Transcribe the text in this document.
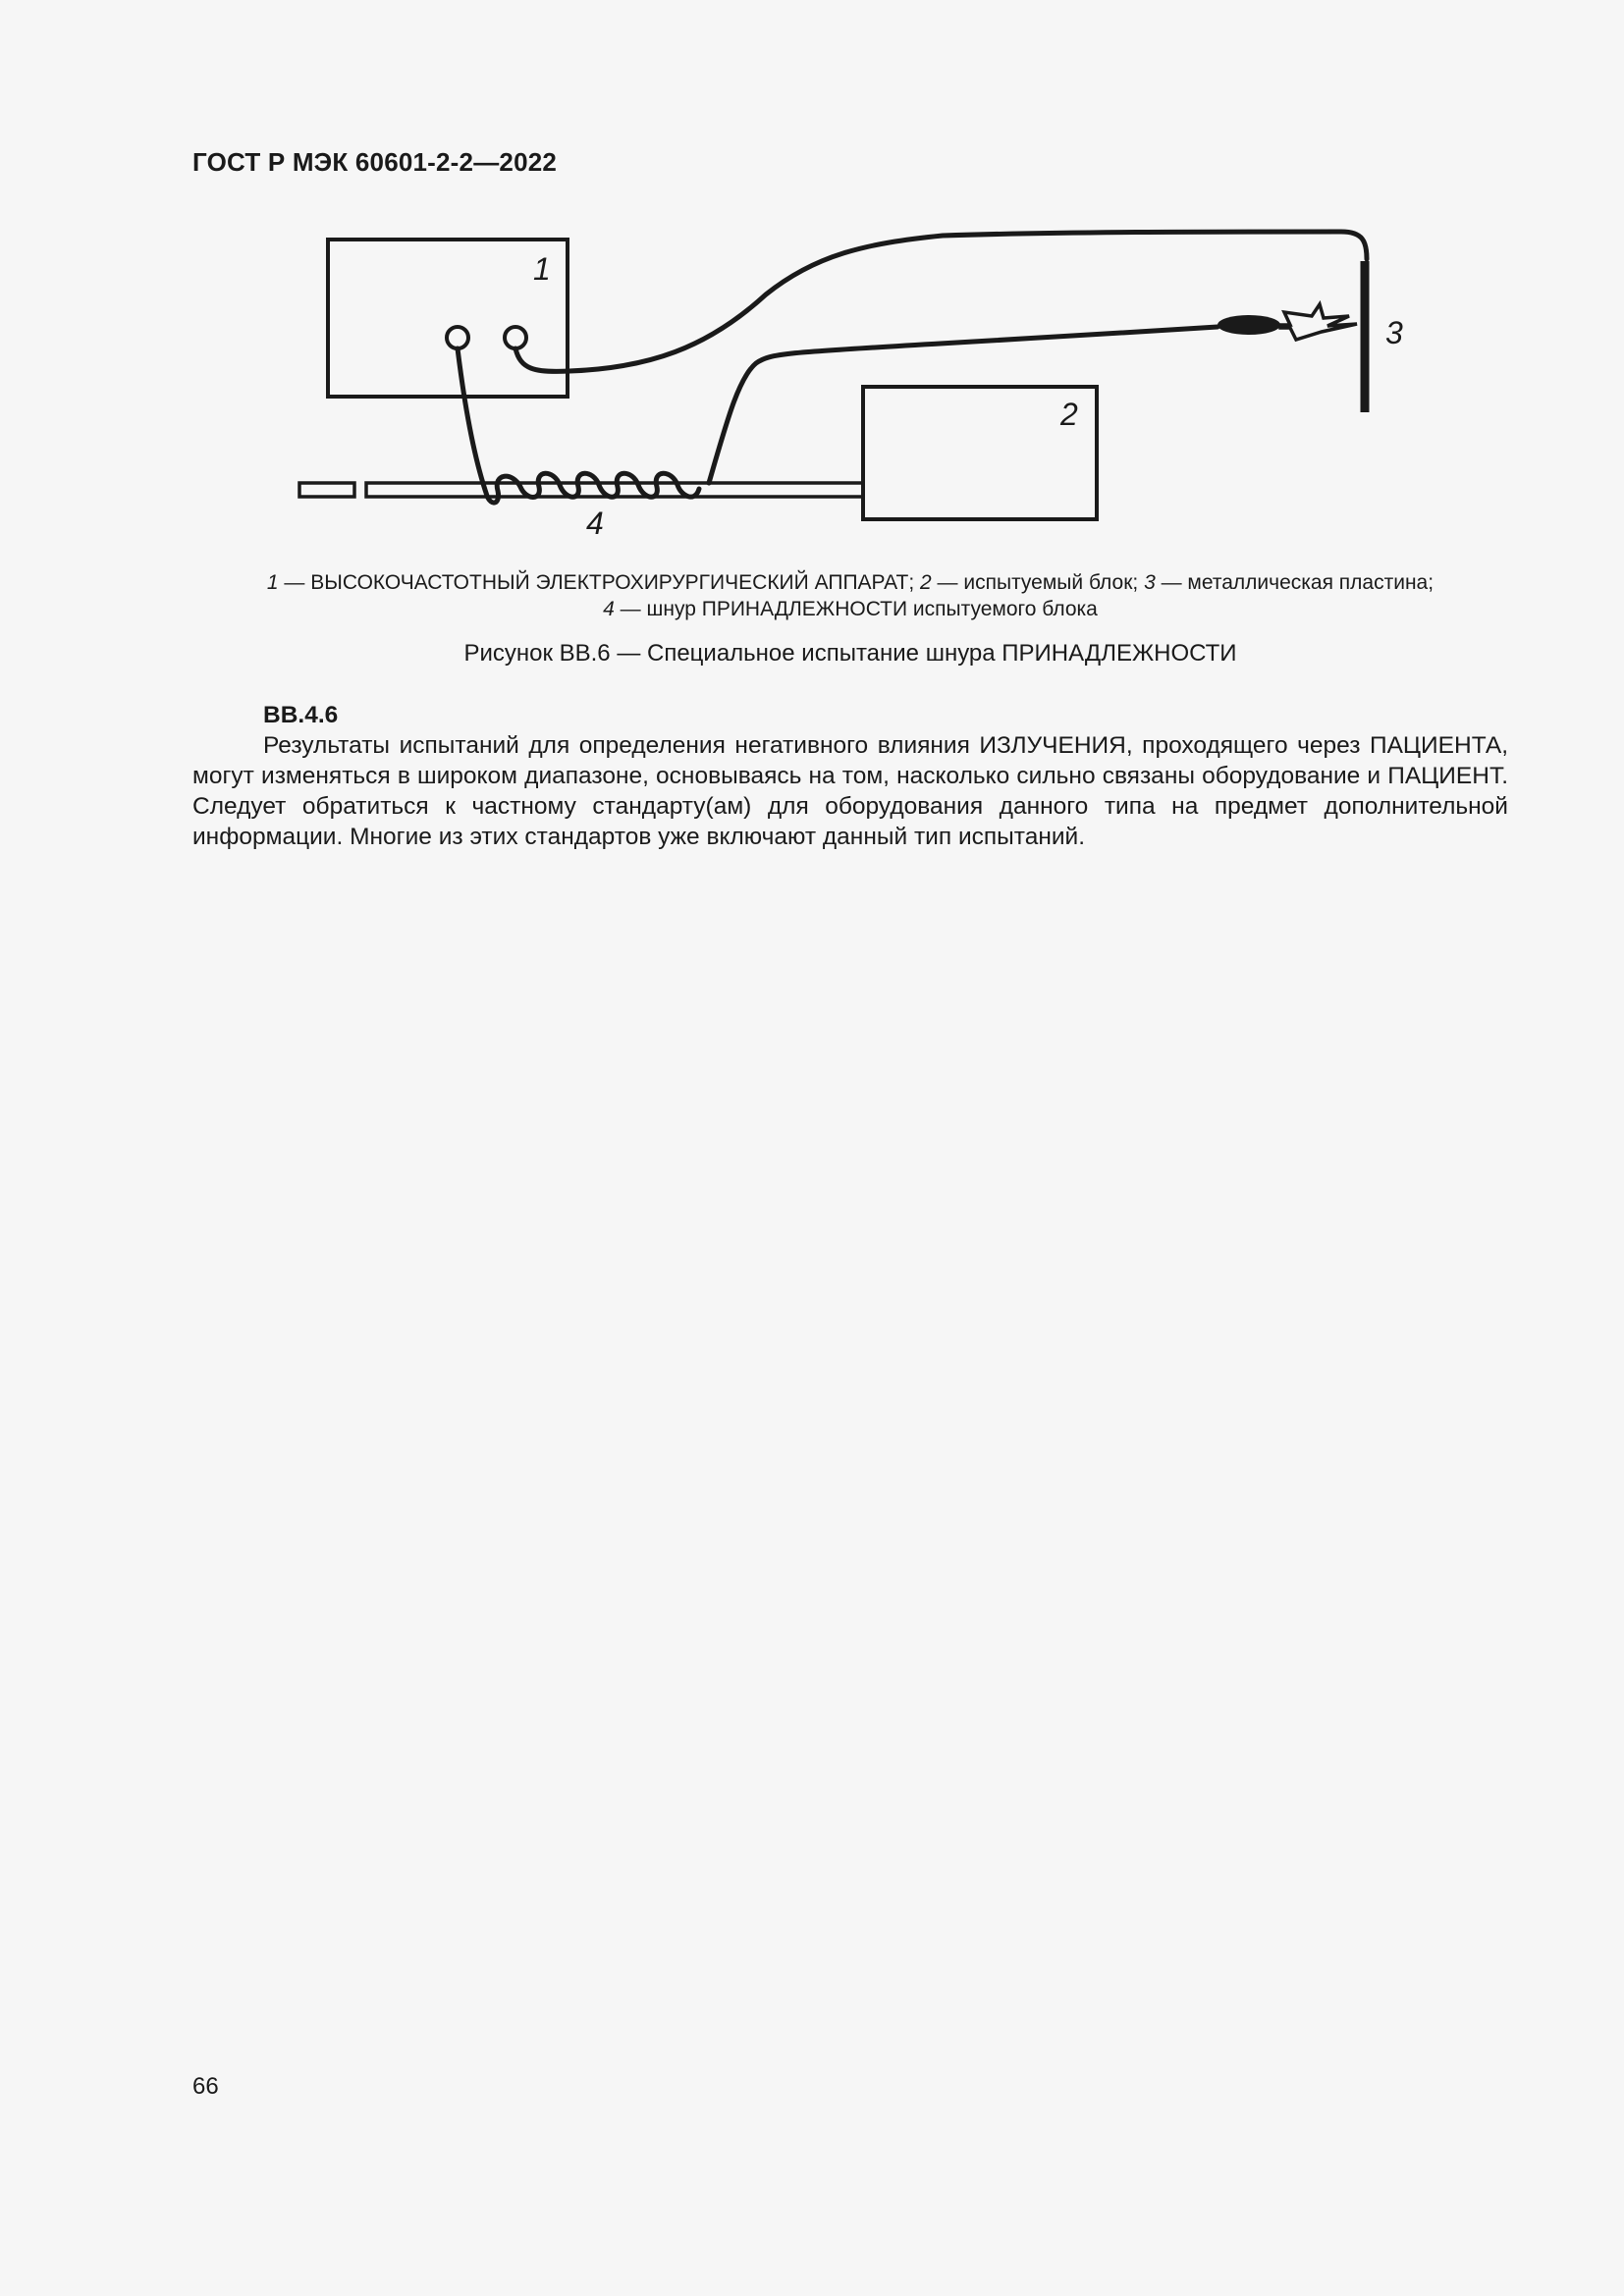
ГОСТ Р МЭК 60601-2-2—2022
1
2
3
4
1 — ВЫСОКОЧАСТОТНЫЙ ЭЛЕКТРОХИРУРГИЧЕСКИЙ АППАРАТ; 2 — испытуемый блок; 3 — металлическая пластина;
4 — шнур ПРИНАДЛЕЖНОСТИ испытуемого блока
Рисунок ВВ.6 — Специальное испытание шнура ПРИНАДЛЕЖНОСТИ
ВВ.4.6
Результаты испытаний для определения негативного влияния ИЗЛУЧЕНИЯ, проходящего через ПАЦИЕНТА, могут изменяться в широком диапазоне, основываясь на том, насколько сильно связаны оборудование и ПАЦИЕНТ. Следует обратиться к частному стандарту(ам) для оборудования данного типа на предмет дополнительной информации. Многие из этих стандартов уже включают данный тип испытаний.
66
